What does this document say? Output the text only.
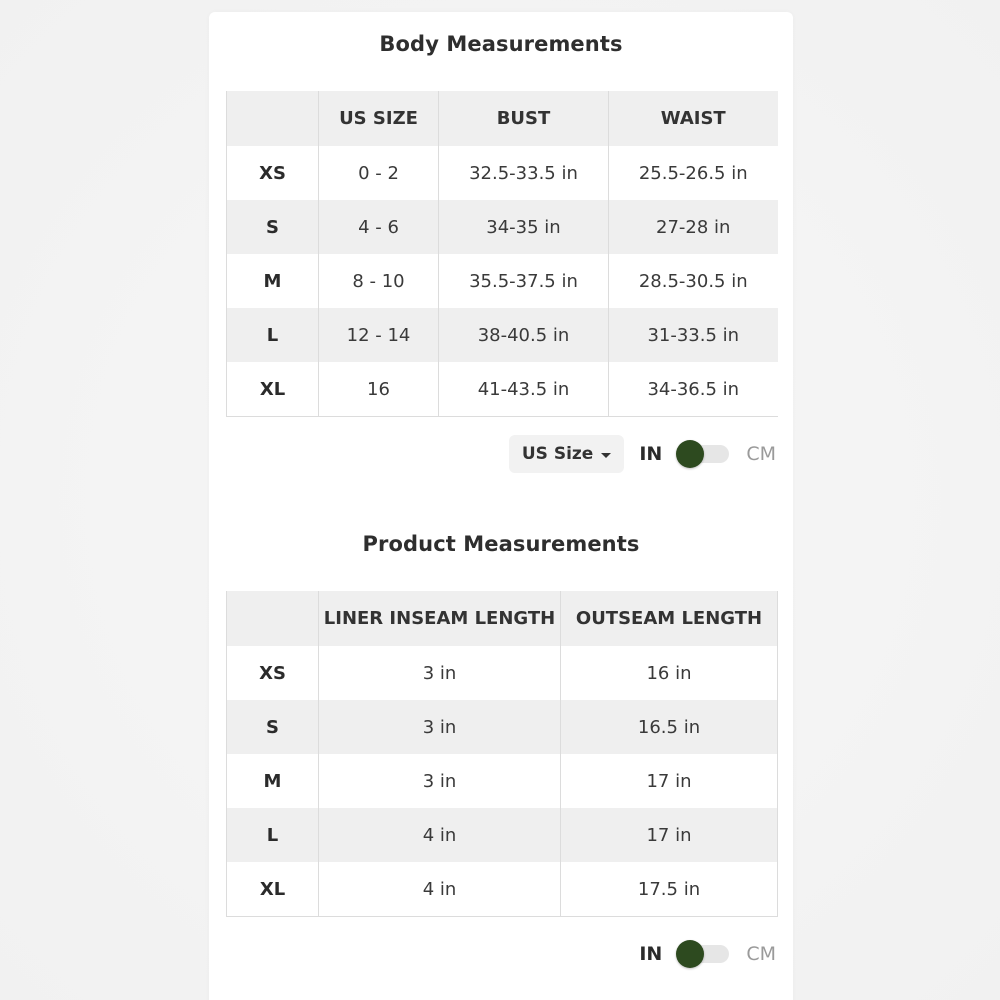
Body Measurements
	US SIZE	BUST	WAIST
XS	0 - 2	32.5-33.5 in	25.5-26.5 in
S	4 - 6	34-35 in	27-28 in
M	8 - 10	35.5-37.5 in	28.5-30.5 in
L	12 - 14	38-40.5 in	31-33.5 in
XL	16	41-43.5 in	34-36.5 in
US Size IN	CM
Product Measurements
	LINER INSEAM LENGTH	OUTSEAM LENGTH
XS	3 in	16 in
S	3 in	16.5 in
M	3 in	17 in
L	4 in	17 in
XL	4 in	17.5 in
IN	CM
